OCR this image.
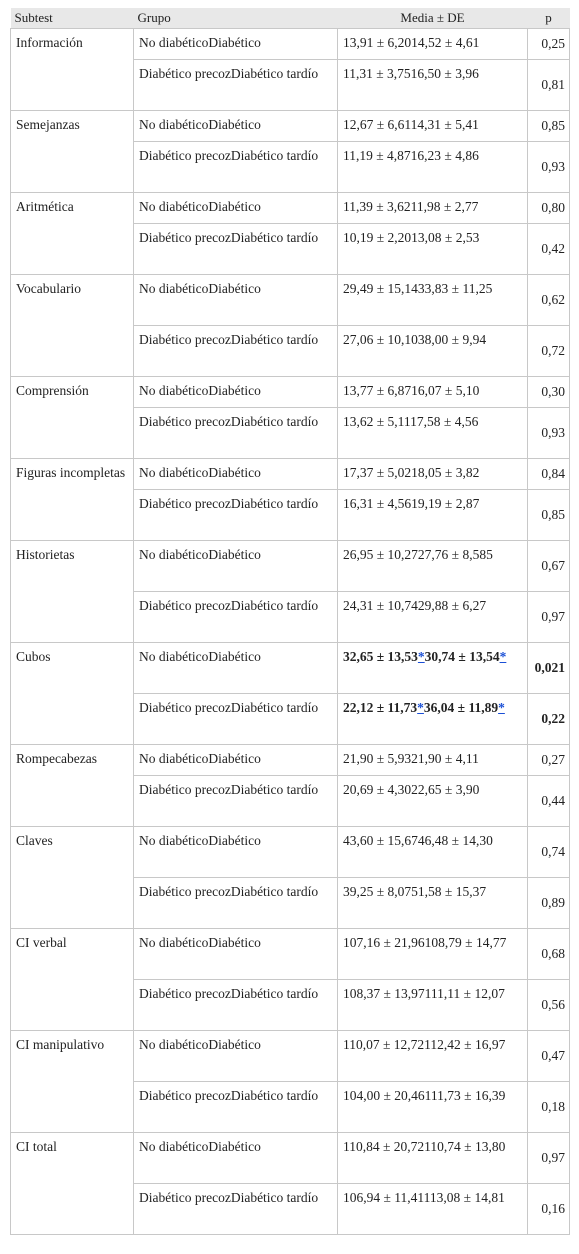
Subtest	Grupo	Media ± DE	p
Información	No diabéticoDiabético	13,91 ± 6,2014,52 ± 4,61	0,25
	Diabético precozDiabético tardío	11,31 ± 3,7516,50 ± 3,96	0,81
Semejanzas	No diabéticoDiabético	12,67 ± 6,6114,31 ± 5,41	0,85
	Diabético precozDiabético tardío	11,19 ± 4,8716,23 ± 4,86	0,93
Aritmética	No diabéticoDiabético	11,39 ± 3,6211,98 ± 2,77	0,80
	Diabético precozDiabético tardío	10,19 ± 2,2013,08 ± 2,53	0,42
Vocabulario	No diabéticoDiabético	29,49 ± 15,1433,83 ± 11,25	0,62
	Diabético precozDiabético tardío	27,06 ± 10,1038,00 ± 9,94	0,72
Comprensión	No diabéticoDiabético	13,77 ± 6,8716,07 ± 5,10	0,30
	Diabético precozDiabético tardío	13,62 ± 5,1117,58 ± 4,56	0,93
Figuras incompletas	No diabéticoDiabético	17,37 ± 5,0218,05 ± 3,82	0,84
	Diabético precozDiabético tardío	16,31 ± 4,5619,19 ± 2,87	0,85
Historietas	No diabéticoDiabético	26,95 ± 10,2727,76 ± 8,585	0,67
	Diabético precozDiabético tardío	24,31 ± 10,7429,88 ± 6,27	0,97
Cubos	No diabéticoDiabético	32,65 ± 13,53*30,74 ± 13,54*	0,021
	Diabético precozDiabético tardío	22,12 ± 11,73*36,04 ± 11,89*	0,22
Rompecabezas	No diabéticoDiabético	21,90 ± 5,9321,90 ± 4,11	0,27
	Diabético precozDiabético tardío	20,69 ± 4,3022,65 ± 3,90	0,44
Claves	No diabéticoDiabético	43,60 ± 15,6746,48 ± 14,30	0,74
	Diabético precozDiabético tardío	39,25 ± 8,0751,58 ± 15,37	0,89
CI verbal	No diabéticoDiabético	107,16 ± 21,96108,79 ± 14,77	0,68
	Diabético precozDiabético tardío	108,37 ± 13,97111,11 ± 12,07	0,56
CI manipulativo	No diabéticoDiabético	110,07 ± 12,72112,42 ± 16,97	0,47
	Diabético precozDiabético tardío	104,00 ± 20,46111,73 ± 16,39	0,18
CI total	No diabéticoDiabético	110,84 ± 20,72110,74 ± 13,80	0,97
	Diabético precozDiabético tardío	106,94 ± 11,41113,08 ± 14,81	0,16
